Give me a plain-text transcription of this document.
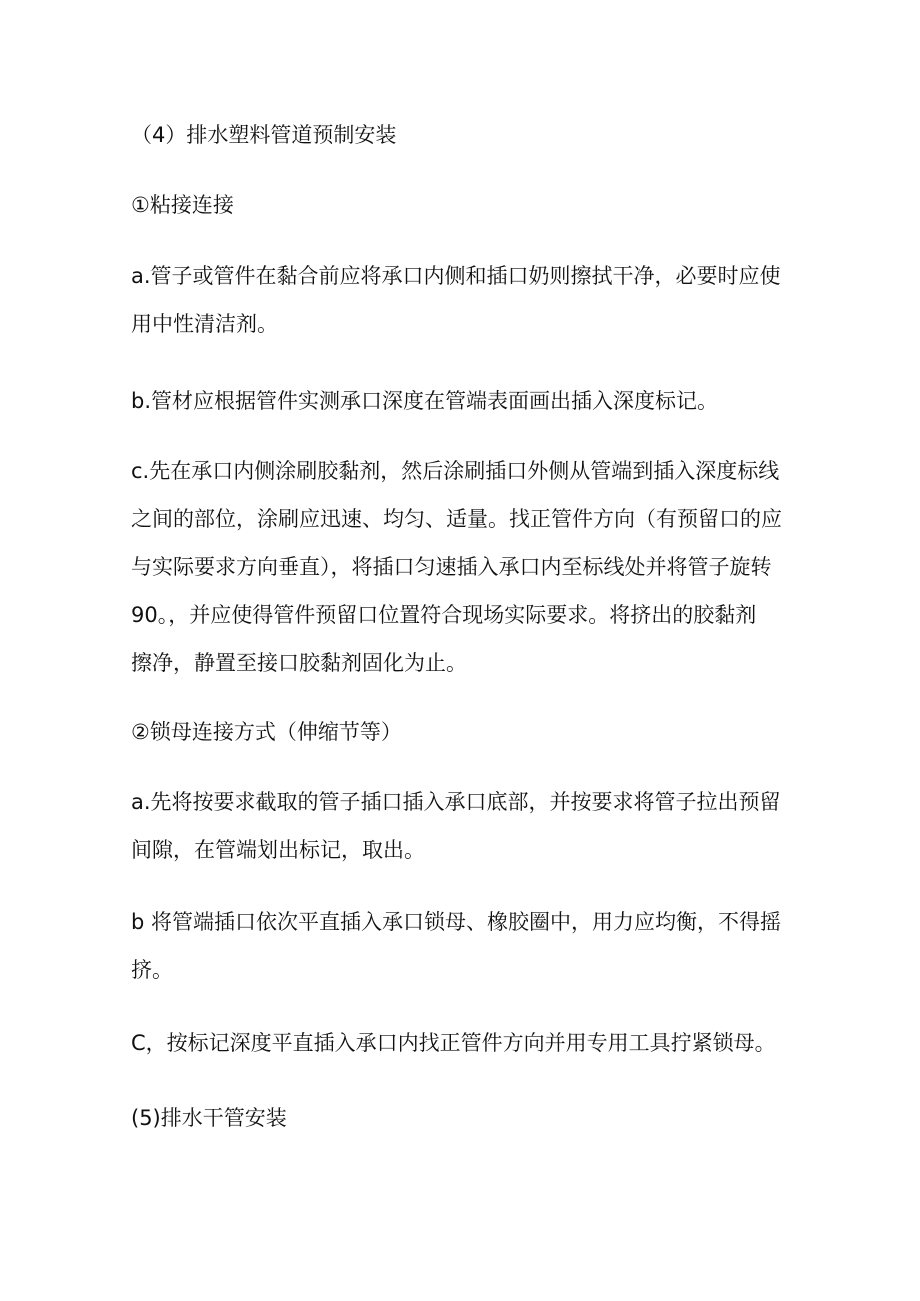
（4）排水塑料管道预制安装
①粘接连接
a.管子或管件在黏合前应将承口内侧和插口奶则擦拭干净，必要时应使
用中性清洁剂。
b.管材应根据管件实测承口深度在管端表面画出插入深度标记。
c.先在承口内侧涂刷胶黏剂，然后涂刷插口外侧从管端到插入深度标线
之间的部位，涂刷应迅速、均匀、适量。找正管件方向（有预留口的应
与实际要求方向垂直），将插口匀速插入承口内至标线处并将管子旋转
90。，并应使得管件预留口位置符合现场实际要求。将挤出的胶黏剂
擦净，静置至接口胶黏剂固化为止。
②锁母连接方式（伸缩节等）
a.先将按要求截取的管子插口插入承口底部，并按要求将管子拉出预留
间隙，在管端划出标记，取出。
b 将管端插口依次平直插入承口锁母、橡胶圈中，用力应均衡，不得摇
挤。
C，按标记深度平直插入承口内找正管件方向并用专用工具拧紧锁母。
(5)排水干管安装
